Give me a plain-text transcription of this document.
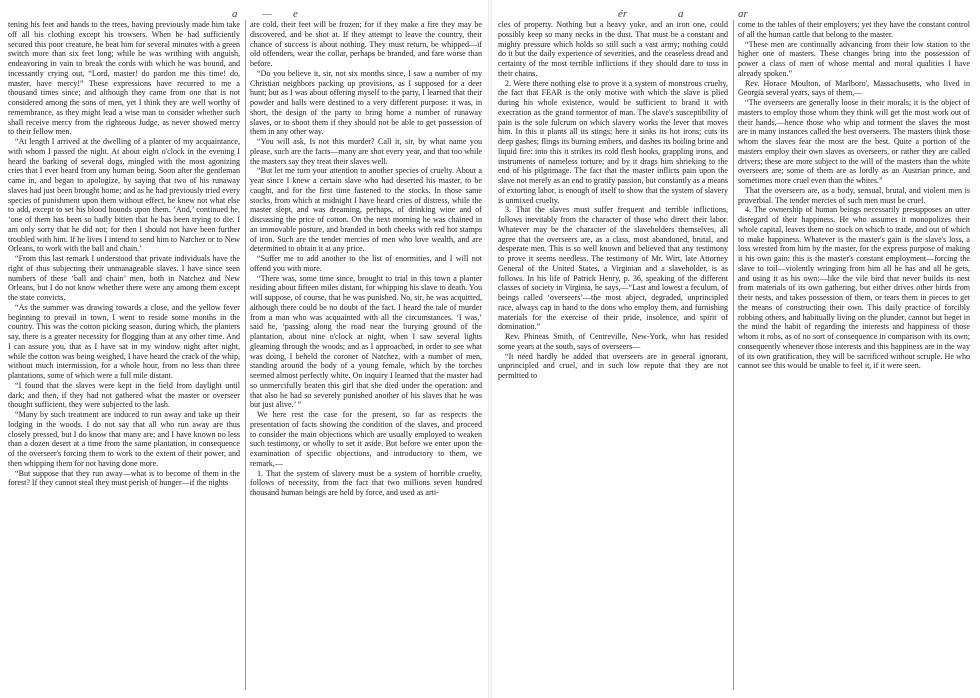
a — e

tening his feet and hands to the trees, having previously made him take off all his clothing except his trowsers. When he had sufficiently secured this poor creature, he beat him for several minutes with a green switch more than six feet long; while he was writhing with anguish, endeavoring in vain to break the cords with which he was bound, and incessantly crying out, “Lord, master! do pardon me this time! do, master, have mercy!” These expressions have recurred to me a thousand times since; and although they came from one that is not considered among the sons of men, yet I think they are well worthy of remembrance, as they might lead a wise man to consider whether such shall receive mercy from the righteous Judge, as never showed mercy to their fellow men.

“At length I arrived at the dwelling of a planter of my acquaintance, with whom I passed the night. At about eight o'clock in the evening I heard the barking of several dogs, mingled with the most agonizing cries that I ever heard from any human being. Soon after the gentleman came in, and began to apologize, by saying that two of his runaway slaves had just been brought home; and as he had previously tried every species of punishment upon them without effect, he knew not what else to add, except to set his blood hounds upon them. ‘And,’ continued he, ‘one of them has been so badly bitten that he has been trying to die. I am only sorry that he did not; for then I should not have been further troubled with him. If he lives I intend to send him to Natchez or to New Orleans, to work with the ball and chain.’

“From this last remark I understood that private individuals have the right of thus subjecting their unmanageable slaves. I have since seen numbers of these ‘ball and chain’ men, both in Natchez and New Orleans, but I do not know whether there were any among them except the state convicts.

“As the summer was drawing towards a close, and the yellow fever beginning to prevail in town, I went to reside some months in the country. This was the cotton picking season, during which, the planters say, there is a greater necessity for flogging than at any other time. And I can assure you, that as I have sat in my window night after night, while the cotton was being weighed, I have heard the crack of the whip, without much intermission, for a whole hour, from no less than three plantations, some of which were a full mile distant.

“I found that the slaves were kept in the field from daylight until dark; and then, if they had not gathered what the master or overseer thought sufficient, they were subjected to the lash.

“Many by such treatment are induced to run away and take up their lodging in the woods. I do not say that all who run away are thus closely pressed, but I do know that many are; and I have known no less than a dozen desert at a time from the same plantation, in consequence of the overseer's forcing them to work to the extent of their power, and then whipping them for not having done more.

“But suppose that they run away—what is to become of them in the forest? If they cannot steal they must perish of hunger—if the nights

are cold, their feet will be frozen; for if they make a fire they may be discovered, and be shot at. If they attempt to leave the country, their chance of success is about nothing. They must return, be whipped—if old offenders, wear the collar, perhaps be branded, and fare worse than before.

“Do you believe it, sir, not six months since, I saw a number of my Christian neighbors packing up provisions, as I supposed for a deer hunt; but as I was about offering myself to the party, I learned that their powder and balls were destined to a very different purpose: it was, in short, the design of the party to bring home a number of runaway slaves, or to shoot them if they should not be able to get possession of them in any other way.

“You will ask, Is not this murder? Call it, sir, by what name you please, such are the facts—many are shot every year, and that too while the masters say they treat their slaves well.

“But let me turn your attention to another species of cruelty. About a year since I knew a certain slave who had deserted his master, to be caught, and for the first time fastened to the stocks. In those same stocks, from which at midnight I have heard cries of distress, while the master slept, and was dreaming, perhaps, of drinking wine and of discussing the price of cotton. On the next morning he was chained in an immovable posture, and branded in both cheeks with red hot stamps of iron. Such are the tender mercies of men who love wealth, and are determined to obtain it at any price.

“Suffer me to add another to the list of enormities, and I will not offend you with more.

“There was, some time since, brought to trial in this town a planter residing about fifteen miles distant, for whipping his slave to death. You will suppose, of course, that he was punished. No, sir, he was acquitted, although there could be no doubt of the fact. I heard the tale of murder from a man who was acquainted with all the circumstances. ‘I was,’ said he, ‘passing along the road near the burying ground of the plantation, about nine o'clock at night, when I saw several lights gleaming through the woods; and as I approached, in order to see what was doing, I beheld the coroner of Natchez, with a number of men, standing around the body of a young female, which by the torches seemed almost perfectly white. On inquiry I learned that the master had so unmercifully beaten this girl that she died under the operation: and that also he had so severely punished another of his slaves that he was but just alive.’ ”

We here rest the case for the present, so far as respects the presentation of facts showing the condition of the slaves, and proceed to consider the main objections which are usually employed to weaken such testimony, or wholly to set it aside. But before we enter upon the examination of specific objections, and introductory to them, we remark,—

1. That the system of slavery must be a system of horrible cruelty, follows of necessity, from the fact that two millions seven hundred thousand human beings are held by force, and used as arti-

ér	a	ar

cles of property. Nothing but a heavy yoke, and an iron one, could possibly keep so many necks in the dust. That must be a constant and mighty pressure which holds so still such a vast army; nothing could do it but the daily experience of severities, and the ceaseless dread and certainty of the most terrible inflictions if they should dare to toss in their chains.

2. Were there nothing else to prove it a system of monstrous cruelty, the fact that FEAR is the only motive with which the slave is plied during his whole existence, would be sufficient to brand it with execration as the grand tormentor of man. The slave's susceptibility of pain is the sole fulcrum on which slavery works the lever that moves him. In this it plants all its stings; here it sinks its hot irons; cuts its deep gashes; flings its burning embers, and dashes its boiling brine and liquid fire: into this it strikes its cold flesh hooks, grappling irons, and instruments of nameless torture; and by it drags him shrieking to the end of his pilgrimage. The fact that the master inflicts pain upon the slave not merely as an end to gratify passion, but constantly as a means of extorting labor, is enough of itself to show that the system of slavery is unmixed cruelty.

3. That the slaves must suffer frequent and terrible inflictions, follows inevitably from the character of those who direct their labor. Whatever may be the character of the slaveholders themselves, all agree that the overseers are, as a class, most abandoned, brutal, and desperate men. This is so well known and believed that any testimony to prove it seems needless. The testimony of Mr. Wirt, late Attorney General of the United States, a Virginian and a slaveholder, is as follows. In his life of Patrick Henry, p. 36, speaking of the different classes of society in Virginia, he says,—“Last and lowest a feculum, of beings called ‘overseers’—the most abject, degraded, unprincipled race, always cap in hand to the dons who employ them, and furnishing materials for the exercise of their pride, insolence, and spirit of domination.”

Rev. Phineas Smith, of Centreville, New-York, who has resided some years at the south, says of overseers—

“It need hardly be added that overseers are in general ignorant, unprincipled and cruel, and in such low repute that they are not permitted to

come to the tables of their employers; yet they have the constant control of all the human cattle that belong to the master.

“These men are continually advancing from their low station to the higher one of masters. These changes bring into the possession of power a class of men of whose mental and moral qualities I have already spoken.”

Rev. Horace Moulton, of Marlboro', Massachusetts, who lived in Georgia several years, says of them,—

“The overseers are generally loose in their morals; it is the object of masters to employ those whom they think will get the most work out of their hands,—hence those who whip and torment the slaves the most are in many instances called the best overseers. The masters think those whom the slaves fear the most are the best. Quite a portion of the masters employ their own slaves as overseers, or rather they are called drivers; these are more subject to the will of the masters than the white overseers are; some of them are as lordly as an Austrian prince, and sometimes more cruel even than the whites.”

That the overseers are, as a body, sensual, brutal, and violent men is proverbial. The tender mercies of such men must be cruel.

4. The ownership of human beings necessarily presupposes an utter disregard of their happiness. He who assumes it monopolizes their whole capital, leaves them no stock on which to trade, and out of which to make happiness. Whatever is the master's gain is the slave's loss, a loss wrested from him by the master, for the express purpose of making it his own gain: this is the master's constant employment—forcing the slave to toil—violently wringing from him all he has and all he gets, and using it as his own;—like the vile bird that never builds its nest from materials of its own gathering, but either drives other birds from their nests, and takes possession of them, or tears them in pieces to get the means of constructing their own. This daily practice of forcibly robbing others, and habitually living on the plunder, cannot but beget in the mind the habit of regarding the interests and happiness of those whom it robs, as of no sort of consequence in comparison with its own; consequently whenever those interests and this happiness are in the way of its own gratification, they will be sacrificed without scruple. He who cannot see this would be unable to feel it, if it were seen.
